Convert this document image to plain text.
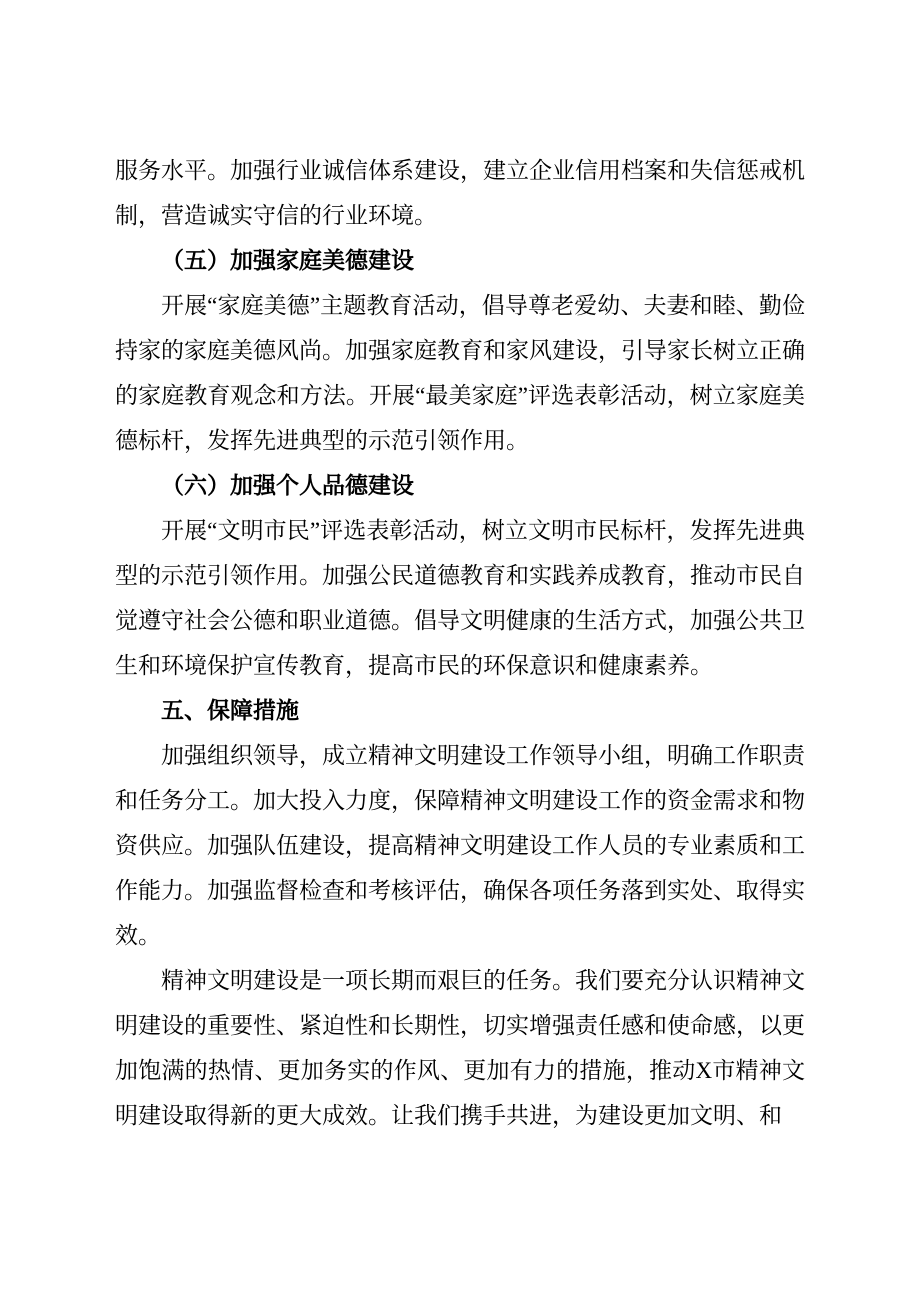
服务水平。加强行业诚信体系建设，建立企业信用档案和失信惩戒机制，营造诚实守信的行业环境。

（五）加强家庭美德建设

开展“家庭美德”主题教育活动，倡导尊老爱幼、夫妻和睦、勤俭持家的家庭美德风尚。加强家庭教育和家风建设，引导家长树立正确的家庭教育观念和方法。开展“最美家庭”评选表彰活动，树立家庭美德标杆，发挥先进典型的示范引领作用。

（六）加强个人品德建设

开展“文明市民”评选表彰活动，树立文明市民标杆，发挥先进典型的示范引领作用。加强公民道德教育和实践养成教育，推动市民自觉遵守社会公德和职业道德。倡导文明健康的生活方式，加强公共卫生和环境保护宣传教育，提高市民的环保意识和健康素养。

五、保障措施

加强组织领导，成立精神文明建设工作领导小组，明确工作职责和任务分工。加大投入力度，保障精神文明建设工作的资金需求和物资供应。加强队伍建设，提高精神文明建设工作人员的专业素质和工作能力。加强监督检查和考核评估，确保各项任务落到实处、取得实效。

精神文明建设是一项长期而艰巨的任务。我们要充分认识精神文明建设的重要性、紧迫性和长期性，切实增强责任感和使命感，以更加饱满的热情、更加务实的作风、更加有力的措施，推动X市精神文明建设取得新的更大成效。让我们携手共进，为建设更加文明、和
